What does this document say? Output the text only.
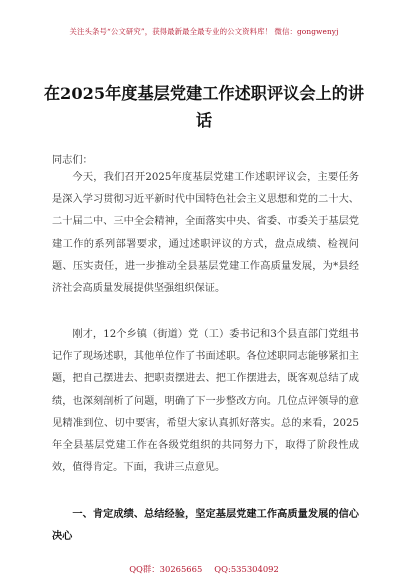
关注头条号“公文研究”，获得最新最全最专业的公文资料库！ 微信：gongwenyj
在2025年度基层党建工作述职评议会上的讲话
同志们：
今天，我们召开2025年度基层党建工作述职评议会，主要任务是深入学习贯彻习近平新时代中国特色社会主义思想和党的二十大、二十届二中、三中全会精神，全面落实中央、省委、市委关于基层党建工作的系列部署要求，通过述职评议的方式，盘点成绩、检视问题、压实责任，进一步推动全县基层党建工作高质量发展，为*县经济社会高质量发展提供坚强组织保证。
刚才，12个乡镇（街道）党（工）委书记和3个县直部门党组书记作了现场述职，其他单位作了书面述职。各位述职同志能够紧扣主题，把自己摆进去、把职责摆进去、把工作摆进去，既客观总结了成绩，也深刻剖析了问题，明确了下一步整改方向。几位点评领导的意见精准到位、切中要害，希望大家认真抓好落实。总的来看，2025年全县基层党建工作在各级党组织的共同努力下，取得了阶段性成效，值得肯定。下面，我讲三点意见。
一、肯定成绩、总结经验，坚定基层党建工作高质量发展的信心决心
QQ群：30265665 QQ:535304092
